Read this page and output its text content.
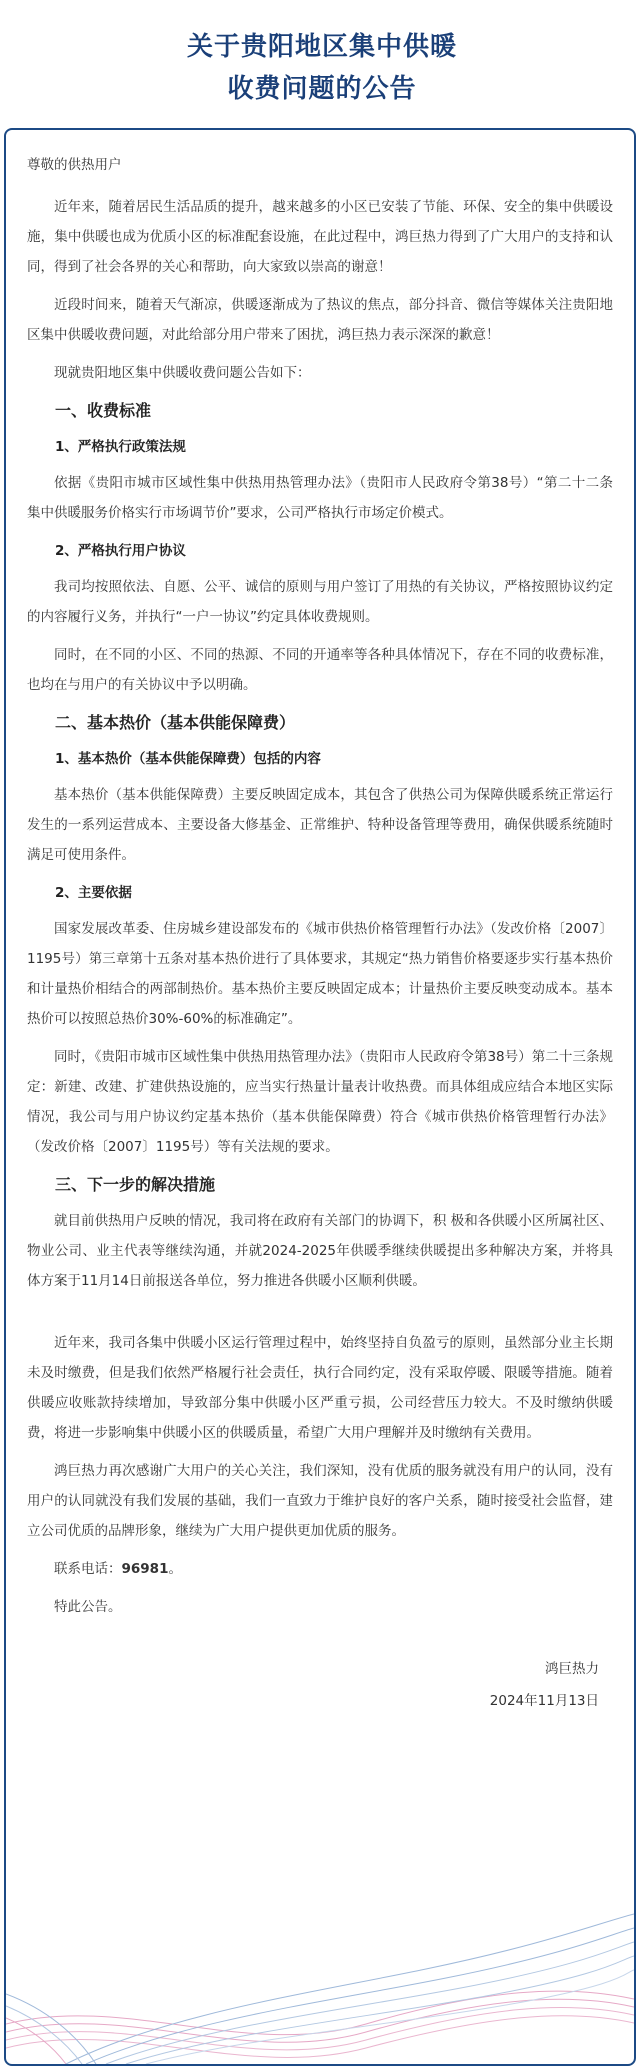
关于贵阳地区集中供暖
收费问题的公告

尊敬的供热用户

近年来，随着居民生活品质的提升，越来越多的小区已安装了节能、环保、安全的集中供暖设施，集中供暖也成为优质小区的标准配套设施，在此过程中，鸿巨热力得到了广大用户的支持和认同，得到了社会各界的关心和帮助，向大家致以崇高的谢意！

近段时间来，随着天气渐凉，供暖逐渐成为了热议的焦点，部分抖音、微信等媒体关注贵阳地区集中供暖收费问题，对此给部分用户带来了困扰，鸿巨热力表示深深的歉意！

现就贵阳地区集中供暖收费问题公告如下：

一、收费标准
1、严格执行政策法规

依据《贵阳市城市区域性集中供热用热管理办法》（贵阳市人民政府令第38号）“第二十二条 集中供暖服务价格实行市场调节价”要求，公司严格执行市场定价模式。

2、严格执行用户协议

我司均按照依法、自愿、公平、诚信的原则与用户签订了用热的有关协议，严格按照协议约定的内容履行义务，并执行“一户一协议”约定具体收费规则。

同时，在不同的小区、不同的热源、不同的开通率等各种具体情况下，存在不同的收费标准，也均在与用户的有关协议中予以明确。

二、基本热价（基本供能保障费）
1、基本热价（基本供能保障费）包括的内容

基本热价（基本供能保障费）主要反映固定成本，其包含了供热公司为保障供暖系统正常运行发生的一系列运营成本、主要设备大修基金、正常维护、特种设备管理等费用，确保供暖系统随时满足可使用条件。

2、主要依据

国家发展改革委、住房城乡建设部发布的《城市供热价格管理暂行办法》（发改价格〔2007〕1195号）第三章第十五条对基本热价进行了具体要求，其规定“热力销售价格要逐步实行基本热价和计量热价相结合的两部制热价。基本热价主要反映固定成本；计量热价主要反映变动成本。基本热价可以按照总热价30%-60%的标准确定”。

同时，《贵阳市城市区域性集中供热用热管理办法》（贵阳市人民政府令第38号）第二十三条规定：新建、改建、扩建供热设施的，应当实行热量计量表计收热费。而具体组成应结合本地区实际情况，我公司与用户协议约定基本热价（基本供能保障费）符合《城市供热价格管理暂行办法》（发改价格〔2007〕1195号）等有关法规的要求。

三、下一步的解决措施

就目前供热用户反映的情况，我司将在政府有关部门的协调下，积 极和各供暖小区所属社区、物业公司、业主代表等继续沟通，并就2024-2025年供暖季继续供暖提出多种解决方案，并将具体方案于11月14日前报送各单位，努力推进各供暖小区顺利供暖。

近年来，我司各集中供暖小区运行管理过程中，始终坚持自负盈亏的原则，虽然部分业主长期未及时缴费，但是我们依然严格履行社会责任，执行合同约定，没有采取停暖、限暖等措施。随着供暖应收账款持续增加，导致部分集中供暖小区严重亏损，公司经营压力较大。不及时缴纳供暖费，将进一步影响集中供暖小区的供暖质量，希望广大用户理解并及时缴纳有关费用。

鸿巨热力再次感谢广大用户的关心关注，我们深知，没有优质的服务就没有用户的认同，没有用户的认同就没有我们发展的基础，我们一直致力于维护良好的客户关系，随时接受社会监督，建立公司优质的品牌形象，继续为广大用户提供更加优质的服务。

联系电话：96981。

特此公告。

鸿巨热力

2024年11月13日
